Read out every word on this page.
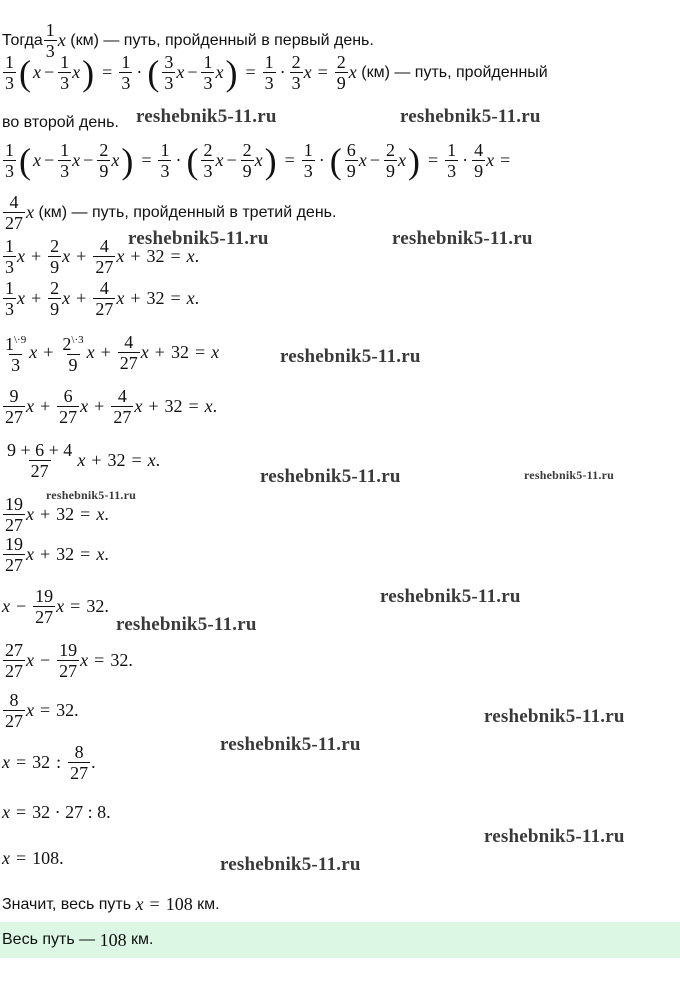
Тогда $\frac{1}{3}$ x
(км) — путь, пройденный в первый день.
$\frac{1}{3}$ ( $x - \frac{1}{3}$ x ) = $\frac{1}{3}$ · ( $\frac{3}{3}$ $x - \frac{1}{3}$ x ) = $\frac{1}{3} \cdot \frac{2}{3}$ $x = \frac{2}{9}$ x
(км) — путь, пройденный
во второй день.
$\frac{1}{3}$ ( $x - \frac{1}{3}$ $x - \frac{2}{9}$ x ) = $\frac{1}{3}$ · ( $\frac{2}{3}$ $x - \frac{2}{9}$ x ) = $\frac{1}{3}$ · ( $\frac{6}{9}$ $x - \frac{2}{9}$ x ) = $\frac{1}{3} \cdot \frac{4}{9}$ x =
$\frac{4}{27}$ x
(км) — путь, пройденный в третий день.
$\frac{1}{3}$ $x + \frac{2}{9}$ $x + \frac{4}{27}$ x + 32 = x .
$\frac{1}{3}$ $x + \frac{2}{9}$ $x + \frac{4}{27}$ x + 32 = x .
$\frac{1^{\backslash\cdot 9}}{3}$ $x + \frac{2^{\backslash\cdot 3}}{9}$ $x + \frac{4}{27}$ x + 32 = x
$\frac{9}{27}$ $x + \frac{6}{27}$ $x + \frac{4}{27}$ x + 32 = x .
$\frac{9 + 6 + 4}{27}$ x + 32 = x .
$\frac{19}{27}$ x + 32 = x .
$\frac{19}{27}$ x + 32 = x .
$x - \frac{19}{27}$ x = 32 .
$\frac{27}{27}$ $x - \frac{19}{27}$ x = 32 .
$\frac{8}{27}$ x = 32 .
x = 32 : $\frac{8}{27}$ .
x = 32 · 27 : 8.
x = 108 .
Значит, весь путь
x = 108
км.
Весь путь —
108
км.
reshebnik5-11.ru	reshebnik5-11.ru
reshebnik5-11.ru	reshebnik5-11.ru
reshebnik5-11.ru
reshebnik5-11.ru	reshebnik5-11.ru
reshebnik5-11.ru
reshebnik5-11.ru
reshebnik5-11.ru
reshebnik5-11.ru
reshebnik5-11.ru
reshebnik5-11.ru
reshebnik5-11.ru
